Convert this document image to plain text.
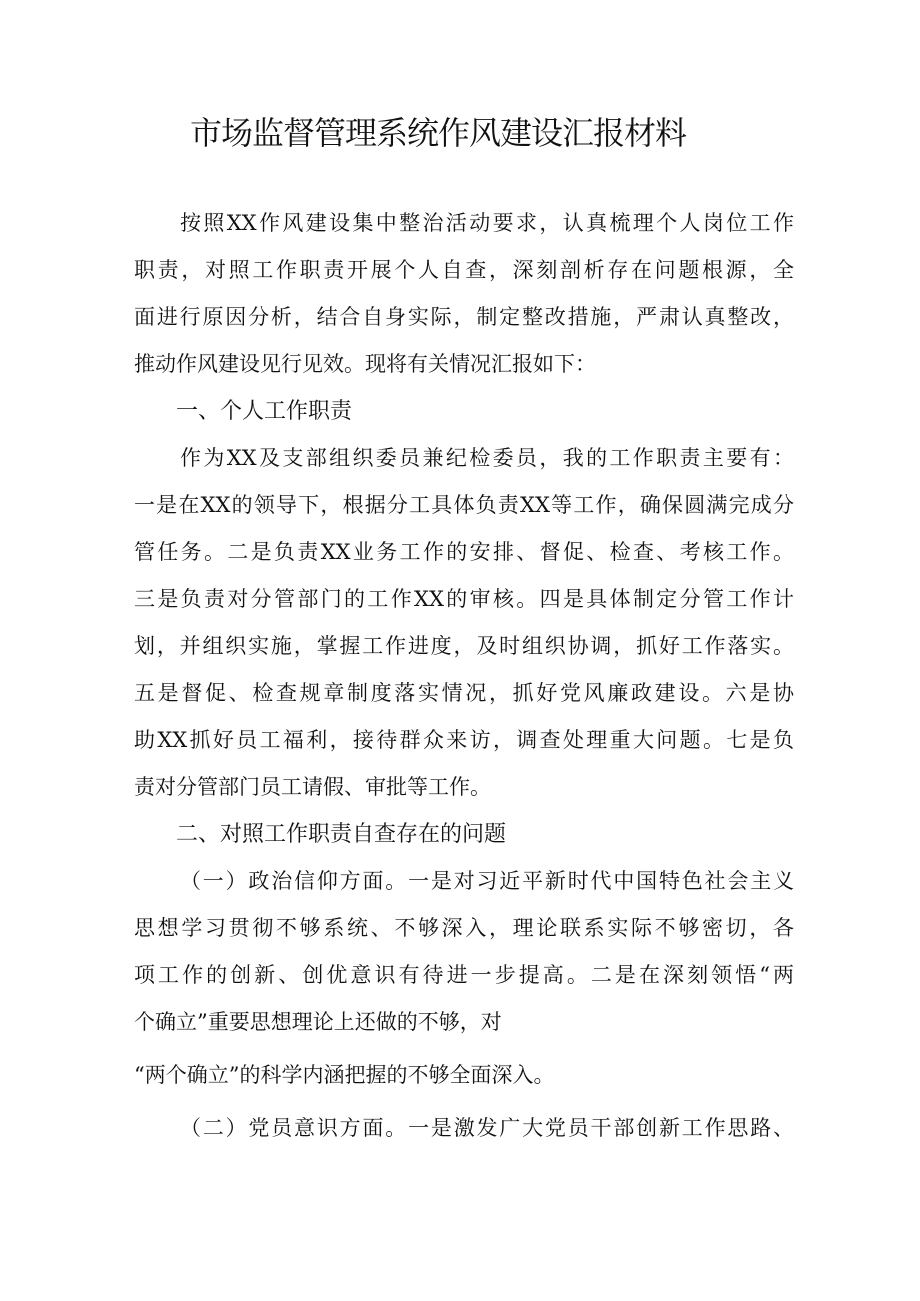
市场监督管理系统作风建设汇报材料
按照XX作风建设集中整治活动要求，认真梳理个人岗位工作
职责，对照工作职责开展个人自查，深刻剖析存在问题根源，全
面进行原因分析，结合自身实际，制定整改措施，严肃认真整改，
推动作风建设见行见效。现将有关情况汇报如下：
一、个人工作职责
作为XX及支部组织委员兼纪检委员，我的工作职责主要有：
一是在XX的领导下，根据分工具体负责XX等工作，确保圆满完成分
管任务。二是负责XX业务工作的安排、督促、检查、考核工作。
三是负责对分管部门的工作XX的审核。四是具体制定分管工作计
划，并组织实施，掌握工作进度，及时组织协调，抓好工作落实。
五是督促、检查规章制度落实情况，抓好党风廉政建设。六是协
助XX抓好员工福利，接待群众来访，调查处理重大问题。七是负
责对分管部门员工请假、审批等工作。
二、对照工作职责自查存在的问题
（一）政治信仰方面。一是对习近平新时代中国特色社会主义
思想学习贯彻不够系统、不够深入，理论联系实际不够密切，各
项工作的创新、创优意识有待进一步提高。二是在深刻领悟“两
个确立”重要思想理论上还做的不够，对
“两个确立”的科学内涵把握的不够全面深入。
（二）党员意识方面。一是激发广大党员干部创新工作思路、
